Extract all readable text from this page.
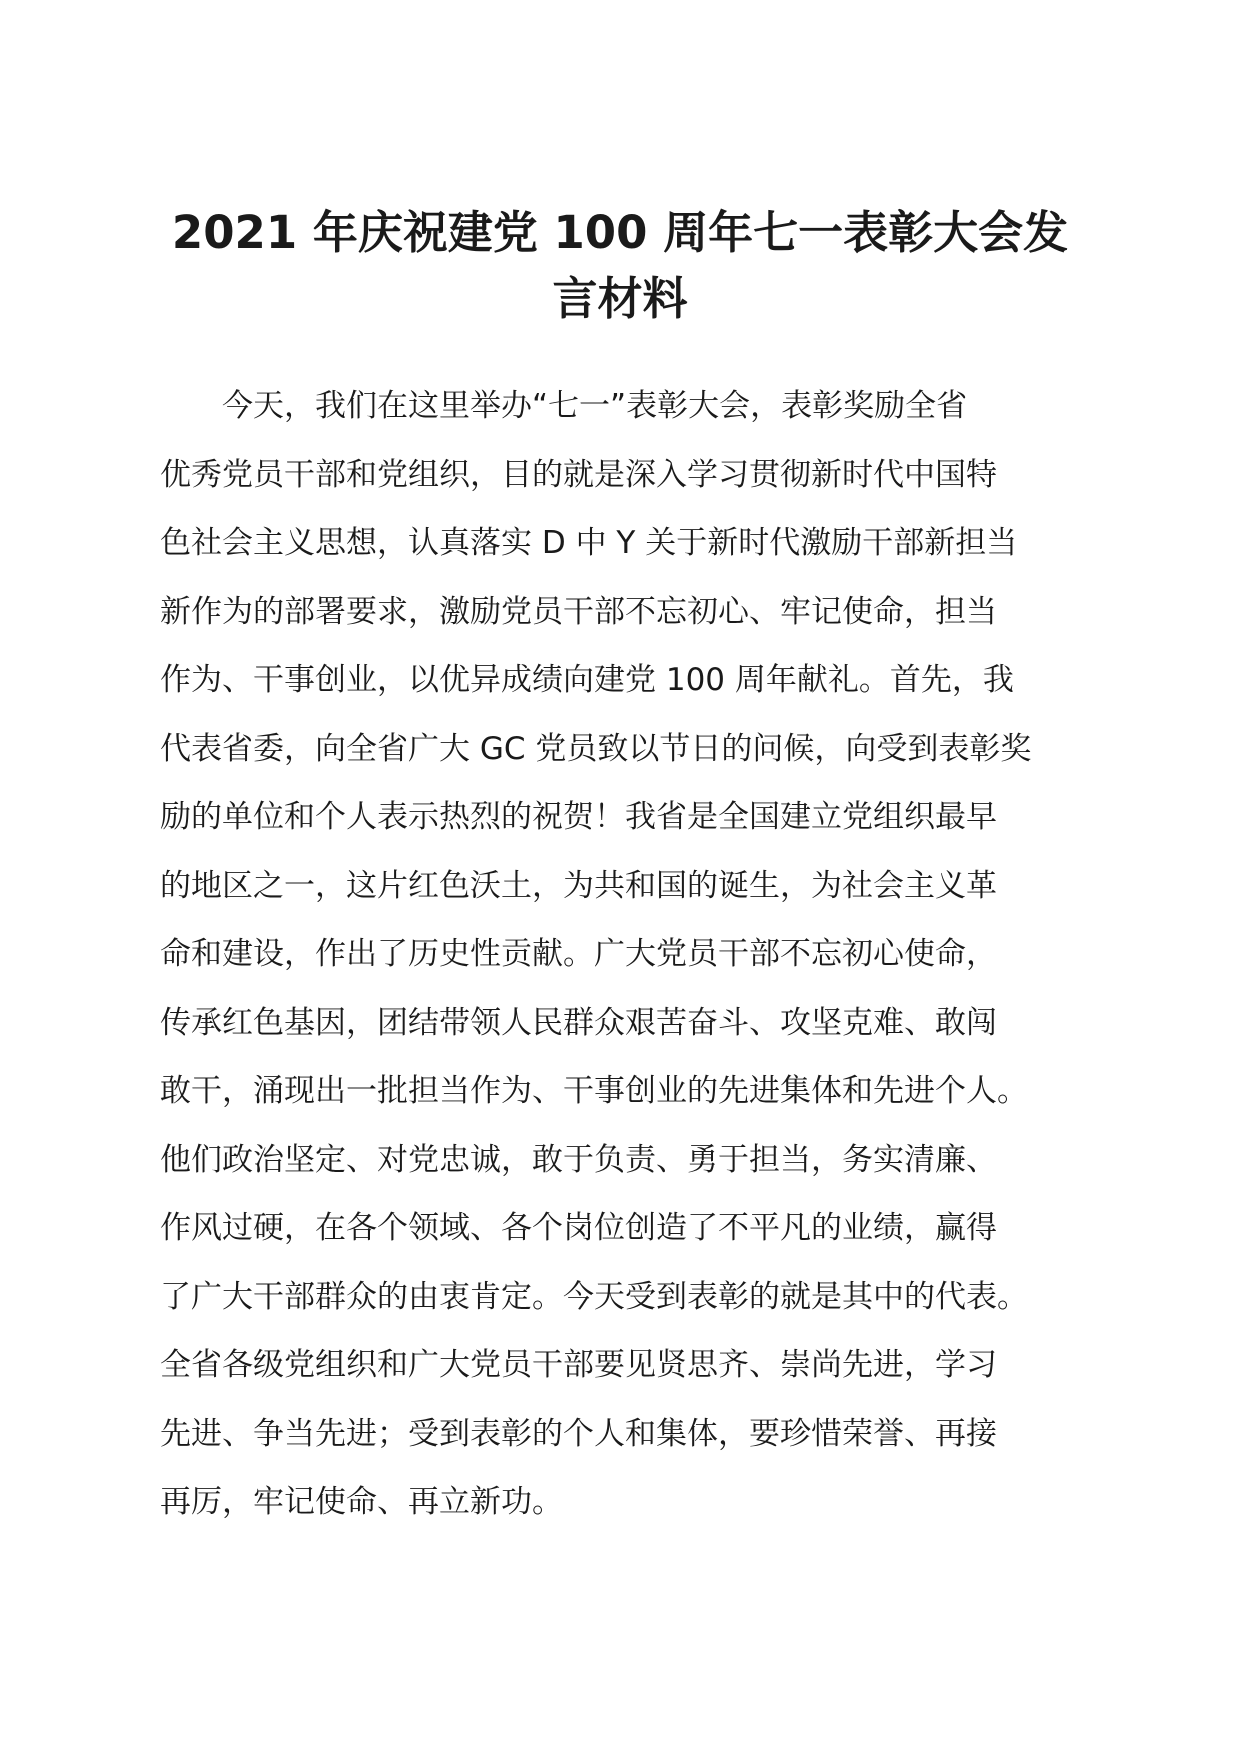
2021 年庆祝建党 100 周年七一表彰大会发
言材料
今天，我们在这里举办“七一”表彰大会，表彰奖励全省
优秀党员干部和党组织，目的就是深入学习贯彻新时代中国特
色社会主义思想，认真落实 D 中 Y 关于新时代激励干部新担当
新作为的部署要求，激励党员干部不忘初心、牢记使命，担当
作为、干事创业，以优异成绩向建党 100 周年献礼。首先，我
代表省委，向全省广大 GC 党员致以节日的问候，向受到表彰奖
励的单位和个人表示热烈的祝贺！我省是全国建立党组织最早
的地区之一，这片红色沃土，为共和国的诞生，为社会主义革
命和建设，作出了历史性贡献。广大党员干部不忘初心使命，
传承红色基因，团结带领人民群众艰苦奋斗、攻坚克难、敢闯
敢干，涌现出一批担当作为、干事创业的先进集体和先进个人。
他们政治坚定、对党忠诚，敢于负责、勇于担当，务实清廉、
作风过硬，在各个领域、各个岗位创造了不平凡的业绩，赢得
了广大干部群众的由衷肯定。今天受到表彰的就是其中的代表。
全省各级党组织和广大党员干部要见贤思齐、崇尚先进，学习
先进、争当先进；受到表彰的个人和集体，要珍惜荣誉、再接
再厉，牢记使命、再立新功。
